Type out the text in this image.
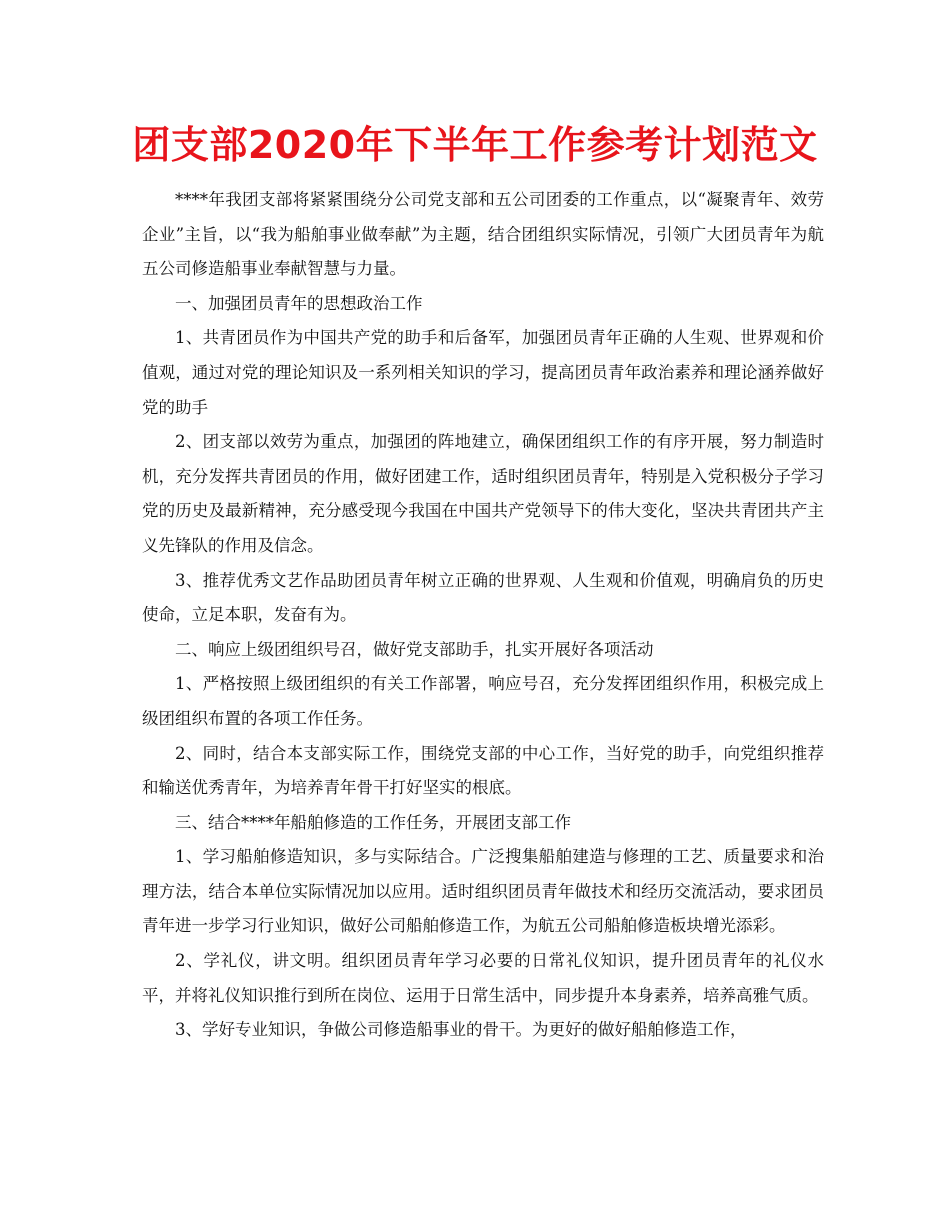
团支部2020年下半年工作参考计划范文

****年我团支部将紧紧围绕分公司党支部和五公司团委的工作重点，以“凝聚青年、效劳企业”主旨，以“我为船舶事业做奉献”为主题，结合团组织实际情况，引领广大团员青年为航五公司修造船事业奉献智慧与力量。

一、加强团员青年的思想政治工作

1、共青团员作为中国共产党的助手和后备军，加强团员青年正确的人生观、世界观和价值观，通过对党的理论知识及一系列相关知识的学习，提高团员青年政治素养和理论涵养做好党的助手

2、团支部以效劳为重点，加强团的阵地建立，确保团组织工作的有序开展，努力制造时机，充分发挥共青团员的作用，做好团建工作，适时组织团员青年，特别是入党积极分子学习党的历史及最新精神，充分感受现今我国在中国共产党领导下的伟大变化，坚决共青团共产主义先锋队的作用及信念。

3、推荐优秀文艺作品助团员青年树立正确的世界观、人生观和价值观，明确肩负的历史使命，立足本职，发奋有为。

二、响应上级团组织号召，做好党支部助手，扎实开展好各项活动

1、严格按照上级团组织的有关工作部署，响应号召，充分发挥团组织作用，积极完成上级团组织布置的各项工作任务。

2、同时，结合本支部实际工作，围绕党支部的中心工作，当好党的助手，向党组织推荐和输送优秀青年，为培养青年骨干打好坚实的根底。

三、结合****年船舶修造的工作任务，开展团支部工作

1、学习船舶修造知识，多与实际结合。广泛搜集船舶建造与修理的工艺、质量要求和治理方法，结合本单位实际情况加以应用。适时组织团员青年做技术和经历交流活动，要求团员青年进一步学习行业知识，做好公司船舶修造工作，为航五公司船舶修造板块增光添彩。

2、学礼仪，讲文明。组织团员青年学习必要的日常礼仪知识，提升团员青年的礼仪水平，并将礼仪知识推行到所在岗位、运用于日常生活中，同步提升本身素养，培养高雅气质。

3、学好专业知识，争做公司修造船事业的骨干。为更好的做好船舶修造工作，
